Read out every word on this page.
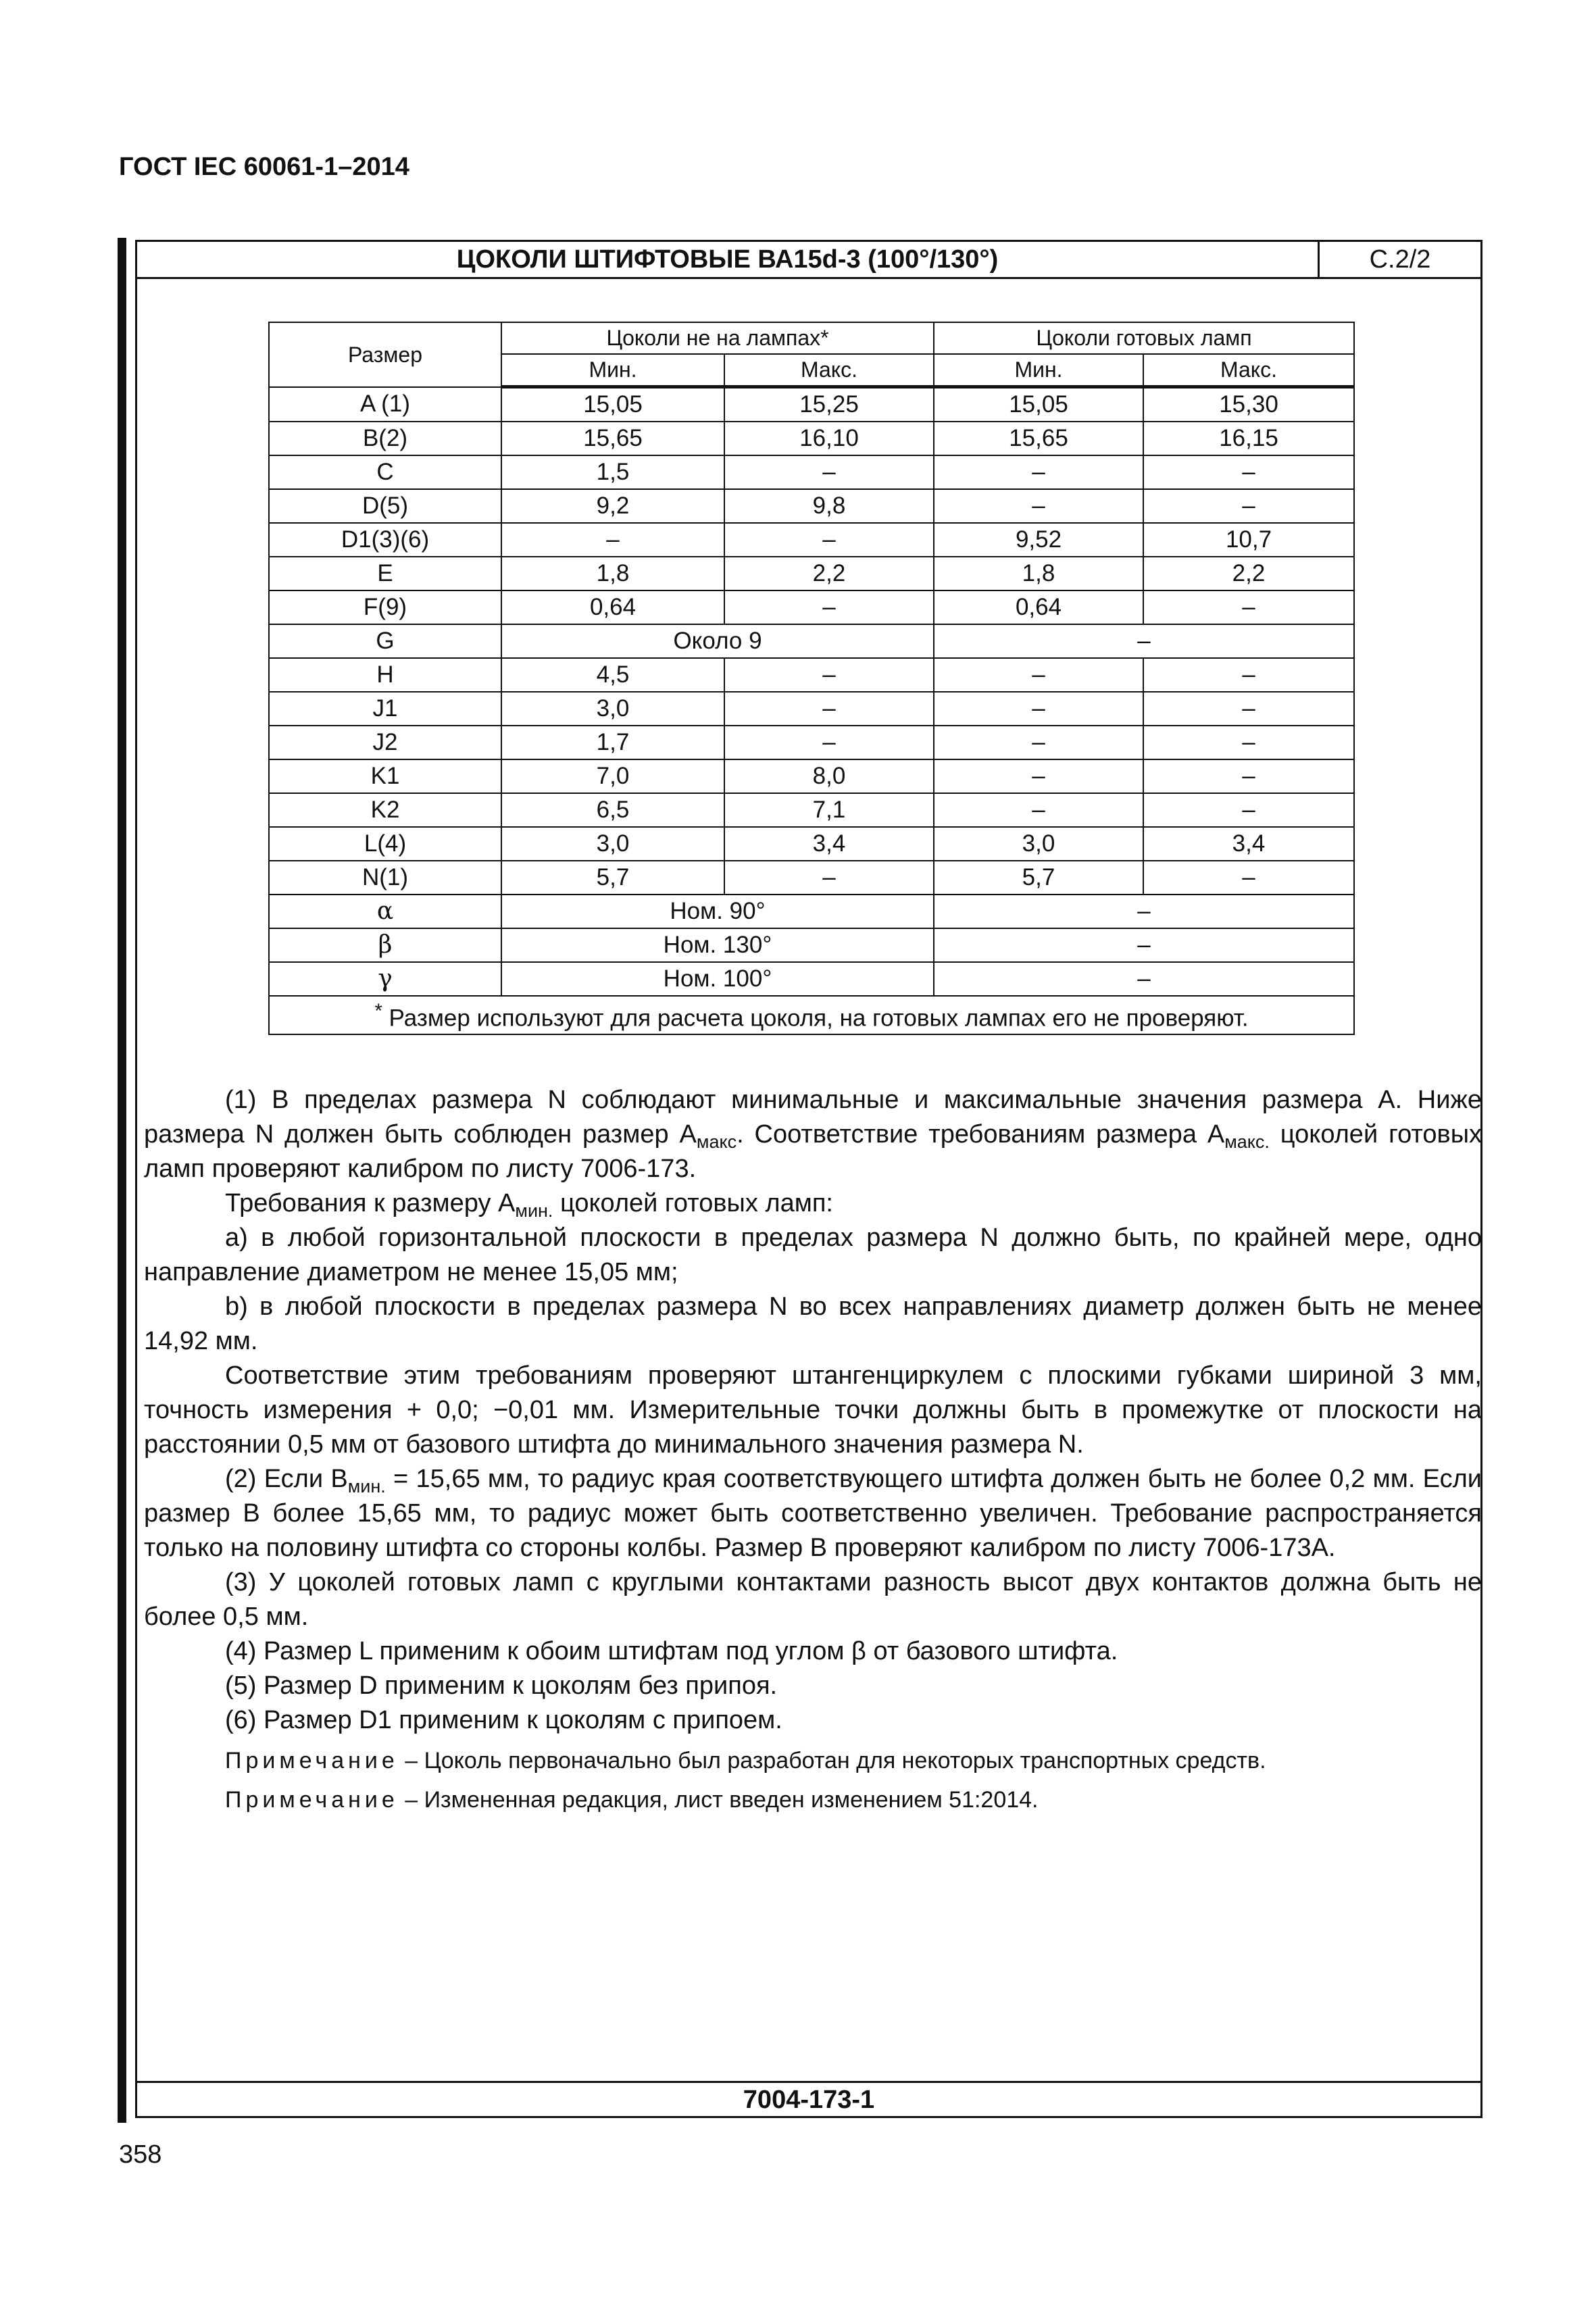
ГОСТ IEC 60061-1–2014
ЦОКОЛИ ШТИФТОВЫЕ ВА15d-3 (100°/130°)	С.2/2
Размер	Цоколи не на лампах*		Цоколи готовых ламп	
	Мин.	Макс.	Мин.	Макс.
A (1)	15,05	15,25	15,05	15,30
B(2)	15,65	16,10	15,65	16,15
C	1,5	–	–	–
D(5)	9,2	9,8	–	–
D1(3)(6)	–	–	9,52	10,7
E	1,8	2,2	1,8	2,2
F(9)	0,64	–	0,64	–
G	Около 9		–	
H	4,5	–	–	–
J1	3,0	–	–	–
J2	1,7	–	–	–
K1	7,0	8,0	–	–
K2	6,5	7,1	–	–
L(4)	3,0	3,4	3,0	3,4
N(1)	5,7	–	5,7	–
α	Ном. 90°		–	
β	Ном. 130°		–	
γ	Ном. 100°		–	
* Размер используют для расчета цоколя, на готовых лампах его не проверяют.				

(1) В пределах размера N соблюдают минимальные и максимальные значения размера A. Ниже размера N должен быть соблюден размер $A_{макс}$. Соответствие требованиям размера $A_{макс.}$ цоколей готовых ламп проверяют калибром по листу 7006-173.

Требования к размеру $A_{мин.}$ цоколей готовых ламп:

a) в любой горизонтальной плоскости в пределах размера N должно быть, по крайней мере, одно направление диаметром не менее 15,05 мм;

b) в любой плоскости в пределах размера N во всех направлениях диаметр должен быть не менее 14,92 мм.

Соответствие этим требованиям проверяют штангенциркулем с плоскими губками шириной 3 мм, точность измерения + 0,0; −0,01 мм. Измерительные точки должны быть в промежутке от плоскости на расстоянии 0,5 мм от базового штифта до минимального значения размера N.

(2) Если $B_{мин.} = 15,65$ мм, то радиус края соответствующего штифта должен быть не более 0,2 мм. Если размер B более 15,65 мм, то радиус может быть соответственно увеличен. Требование распространяется только на половину штифта со стороны колбы. Размер B проверяют калибром по листу 7006-173A.

(3) У цоколей готовых ламп с круглыми контактами разность высот двух контактов должна быть не более 0,5 мм.

(4) Размер L применим к обоим штифтам под углом β от базового штифта.

(5) Размер D применим к цоколям без припоя.

(6) Размер D1 применим к цоколям с припоем.

Примечание – Цоколь первоначально был разработан для некоторых транспортных средств.

Примечание – Измененная редакция, лист введен изменением 51:2014.

7004-173-1
358
